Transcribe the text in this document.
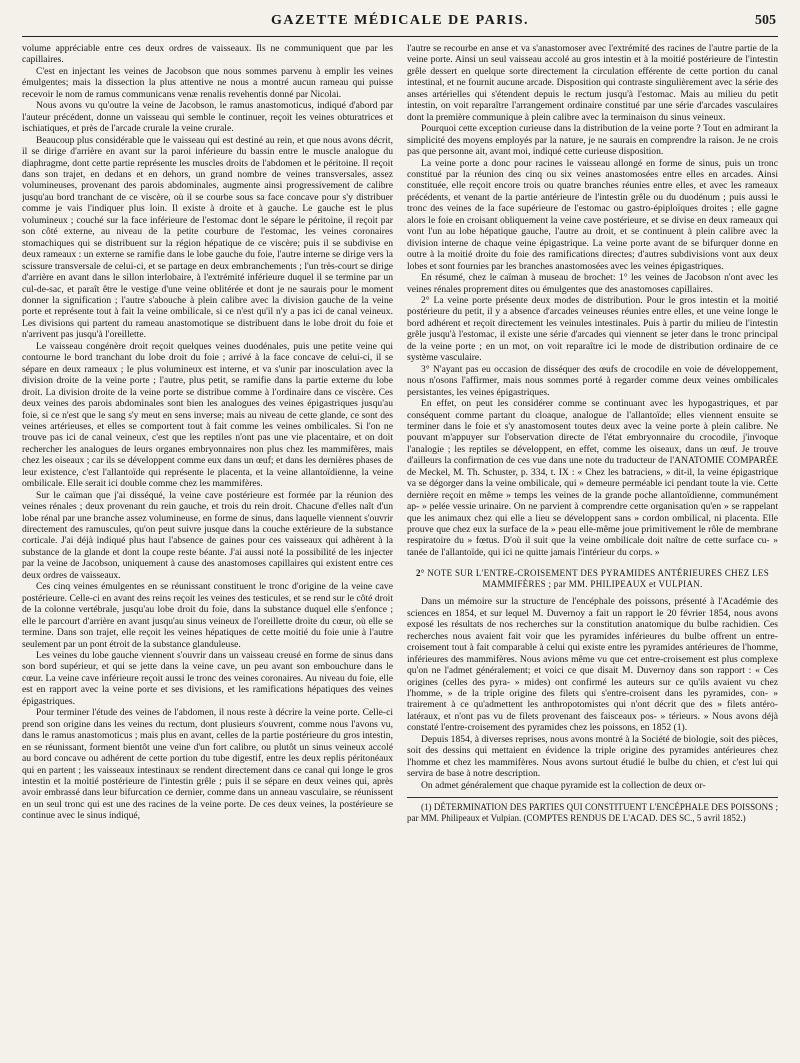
GAZETTE MÉDICALE DE PARIS.	505

volume appréciable entre ces deux ordres de vaisseaux. Ils ne communiquent que par les capillaires.

C'est en injectant les veines de Jacobson que nous sommes parvenu à emplir les veines émulgentes; mais la dissection la plus attentive ne nous a montré aucun rameau qui puisse recevoir le nom de ramus communicans venæ renalis revehentis donné par Nicolai.

Nous avons vu qu'outre la veine de Jacobson, le ramus anastomoticus, indiqué d'abord par l'auteur précédent, donne un vaisseau qui semble le continuer, reçoit les veines obturatrices et ischiatiques, et près de l'arcade crurale la veine crurale.

Beaucoup plus considérable que le vaisseau qui est destiné au rein, et que nous avons décrit, il se dirige d'arrière en avant sur la paroi inférieure du bassin entre le muscle analogue du diaphragme, dont cette partie représente les muscles droits de l'abdomen et le péritoine. Il reçoit dans son trajet, en dedans et en dehors, un grand nombre de veines transversales, assez volumineuses, provenant des parois abdominales, augmente ainsi progressivement de calibre jusqu'au bord tranchant de ce viscère, où il se courbe sous sa face concave pour s'y distribuer comme je vais l'indiquer plus loin. Il existe à droite et à gauche. Le gauche est le plus volumineux ; couché sur la face inférieure de l'estomac dont le sépare le péritoine, il reçoit par son côté externe, au niveau de la petite courbure de l'estomac, les veines coronaires stomachiques qui se distribuent sur la région hépatique de ce viscère; puis il se subdivise en deux rameaux : un externe se ramifie dans le lobe gauche du foie, l'autre interne se dirige vers la scissure transversale de celui-ci, et se partage en deux embranchements ; l'un très-court se dirige d'arrière en avant dans le sillon interlobaire, à l'extrémité inférieure duquel il se termine par un cul-de-sac, et paraît être le vestige d'une veine oblitérée et dont je ne saurais pour le moment donner la signification ; l'autre s'abouche à plein calibre avec la division gauche de la veine porte et représente tout à fait la veine ombilicale, si ce n'est qu'il n'y a pas ici de canal veineux. Les divisions qui partent du rameau anastomotique se distribuent dans le lobe droit du foie et n'arrivent pas jusqu'à l'oreillette.

Le vaisseau congénère droit reçoit quelques veines duodénales, puis une petite veine qui contourne le bord tranchant du lobe droit du foie ; arrivé à la face concave de celui-ci, il se sépare en deux rameaux ; le plus volumineux est interne, et va s'unir par inosculation avec la division droite de la veine porte ; l'autre, plus petit, se ramifie dans la partie externe du lobe droit. La division droite de la veine porte se distribue comme à l'ordinaire dans ce viscère. Ces deux veines des parois abdominales sont bien les analogues des veines épigastriques jusqu'au foie, si ce n'est que le sang s'y meut en sens inverse; mais au niveau de cette glande, ce sont des veines artérieuses, et elles se comportent tout à fait comme les veines ombilicales. Si l'on ne trouve pas ici de canal veineux, c'est que les reptiles n'ont pas une vie placentaire, et on doit rechercher les analogues de leurs organes embryonnaires non plus chez les mammifères, mais chez les oiseaux ; car ils se développent comme eux dans un œuf; et dans les dernières phases de leur existence, c'est l'allantoïde qui représente le placenta, et la veine allantoïdienne, la veine ombilicale. Elle serait ici double comme chez les mammifères.

Sur le caïman que j'ai disséqué, la veine cave postérieure est formée par la réunion des veines rénales ; deux provenant du rein gauche, et trois du rein droit. Chacune d'elles naît d'un lobe rénal par une branche assez volumineuse, en forme de sinus, dans laquelle viennent s'ouvrir directement des ramuscules, qu'on peut suivre jusque dans la couche extérieure de la substance corticale. J'ai déjà indiqué plus haut l'absence de gaines pour ces vaisseaux qui adhèrent à la substance de la glande et dont la coupe reste béante. J'ai aussi noté la possibilité de les injecter par la veine de Jacobson, uniquement à cause des anastomoses capillaires qui existent entre ces deux ordres de vaisseaux.

Ces cinq veines émulgentes en se réunissant constituent le tronc d'origine de la veine cave postérieure. Celle-ci en avant des reins reçoit les veines des testicules, et se rend sur le côté droit de la colonne vertébrale, jusqu'au lobe droit du foie, dans la substance duquel elle s'enfonce ; elle le parcourt d'arrière en avant jusqu'au sinus veineux de l'oreillette droite du cœur, où elle se termine. Dans son trajet, elle reçoit les veines hépatiques de cette moitié du foie unie à l'autre seulement par un pont étroit de la substance glanduleuse.

Les veines du lobe gauche viennent s'ouvrir dans un vaisseau creusé en forme de sinus dans son bord supérieur, et qui se jette dans la veine cave, un peu avant son embouchure dans le cœur. La veine cave inférieure reçoit aussi le tronc des veines coronaires. Au niveau du foie, elle est en rapport avec la veine porte et ses divisions, et les ramifications hépatiques des veines épigastriques.

Pour terminer l'étude des veines de l'abdomen, il nous reste à décrire la veine porte. Celle-ci prend son origine dans les veines du rectum, dont plusieurs s'ouvrent, comme nous l'avons vu, dans le ramus anastomoticus ; mais plus en avant, celles de la partie postérieure du gros intestin, en se réunissant, forment bientôt une veine d'un fort calibre, ou plutôt un sinus veineux accolé au bord concave ou adhérent de cette portion du tube digestif, entre les deux replis péritonéaux qui en partent ; les vaisseaux intestinaux se rendent directement dans ce canal qui longe le gros intestin et la moitié postérieure de l'intestin grêle ; puis il se sépare en deux veines qui, après avoir embrassé dans leur bifurcation ce dernier, comme dans un anneau vasculaire, se réunissent en un seul tronc qui est une des racines de la veine porte. De ces deux veines, la postérieure se continue avec le sinus indiqué,

l'autre se recourbe en anse et va s'anastomoser avec l'extrémité des racines de l'autre partie de la veine porte. Ainsi un seul vaisseau accolé au gros intestin et à la moitié postérieure de l'intestin grêle dessert en quelque sorte directement la circulation efférente de cette portion du canal intestinal, et ne fournit aucune arcade. Disposition qui contraste singulièrement avec la série des anses artérielles qui s'étendent depuis le rectum jusqu'à l'estomac. Mais au milieu du petit intestin, on voit reparaître l'arrangement ordinaire constitué par une série d'arcades vasculaires dont la première communique à plein calibre avec la terminaison du sinus veineux.

Pourquoi cette exception curieuse dans la distribution de la veine porte ? Tout en admirant la simplicité des moyens employés par la nature, je ne saurais en comprendre la raison. Je ne crois pas que personne ait, avant moi, indiqué cette curieuse disposition.

La veine porte a donc pour racines le vaisseau allongé en forme de sinus, puis un tronc constitué par la réunion des cinq ou six veines anastomosées entre elles en arcades. Ainsi constituée, elle reçoit encore trois ou quatre branches réunies entre elles, et avec les rameaux précédents, et venant de la partie antérieure de l'intestin grêle ou du duodénum ; puis aussi le tronc des veines de la face supérieure de l'estomac ou gastro-épiploïques droites ; elle gagne alors le foie en croisant obliquement la veine cave postérieure, et se divise en deux rameaux qui vont l'un au lobe hépatique gauche, l'autre au droit, et se continuent à plein calibre avec la division interne de chaque veine épigastrique. La veine porte avant de se bifurquer donne en outre à la moitié droite du foie des ramifications directes; d'autres subdivisions vont aux deux lobes et sont fournies par les branches anastomosées avec les veines épigastriques.

En résumé, chez le caïman à museau de brochet: 1° les veines de Jacobson n'ont avec les veines rénales proprement dites ou émulgentes que des anastomoses capillaires.

2° La veine porte présente deux modes de distribution. Pour le gros intestin et la moitié postérieure du petit, il y a absence d'arcades veineuses réunies entre elles, et une veine longe le bord adhérent et reçoit directement les veinules intestinales. Puis à partir du milieu de l'intestin grêle jusqu'à l'estomac, il existe une série d'arcades qui viennent se jeter dans le tronc principal de la veine porte ; en un mot, on voit reparaître ici le mode de distribution ordinaire de ce système vasculaire.

3° N'ayant pas eu occasion de disséquer des œufs de crocodile en voie de développement, nous n'osons l'affirmer, mais nous sommes porté à regarder comme deux veines ombilicales persistantes, les veines épigastriques.

En effet, on peut les considérer comme se continuant avec les hypogastriques, et par conséquent comme partant du cloaque, analogue de l'allantoïde; elles viennent ensuite se terminer dans le foie et s'y anastomosent toutes deux avec la veine porte à plein calibre. Ne pouvant m'appuyer sur l'observation directe de l'état embryonnaire du crocodile, j'invoque l'analogie ; les reptiles se développent, en effet, comme les oiseaux, dans un œuf. Je trouve d'ailleurs la confirmation de ces vue dans une note du traducteur de l'ANATOMIE COMPARÉE de Meckel, M. Th. Schuster, p. 334, t. IX : « Chez les batraciens, » dit-il, la veine épigastrique va se dégorger dans la veine ombilicale, qui » demeure perméable ici pendant toute la vie. Cette dernière reçoit en même » temps les veines de la grande poche allantoïdienne, communément ap- » pelée vessie urinaire. On ne parvient à comprendre cette organisation qu'en » se rappelant que les animaux chez qui elle a lieu se développent sans » cordon ombilical, ni placenta. Elle prouve que chez eux la surface de la » peau elle-même joue primitivement le rôle de membrane respiratoire du » fœtus. D'où il suit que la veine ombilicale doit naître de cette surface cu- » tanée de l'allantoïde, qui ici ne quitte jamais l'intérieur du corps. »

2° NOTE SUR L'ENTRE-CROISEMENT DES PYRAMIDES ANTÉRIEURES CHEZ LES MAMMIFÈRES ; par MM. PHILIPEAUX et VULPIAN.

Dans un mémoire sur la structure de l'encéphale des poissons, présenté à l'Académie des sciences en 1854, et sur lequel M. Duvernoy a fait un rapport le 20 février 1854, nous avons exposé les résultats de nos recherches sur la constitution anatomique du bulbe rachidien. Ces recherches nous avaient fait voir que les pyramides inférieures du bulbe offrent un entre-croisement tout à fait comparable à celui qui existe entre les pyramides antérieures de l'homme, inférieures des mammifères. Nous avions même vu que cet entre-croisement est plus complexe qu'on ne l'admet généralement; et voici ce que disait M. Duvernoy dans son rapport : « Ces origines (celles des pyra- » mides) ont confirmé les auteurs sur ce qu'ils avaient vu chez l'homme, » de la triple origine des filets qui s'entre-croisent dans les pyramides, con- » trairement à ce qu'admettent les anthropotomistes qui n'ont décrit que des » filets antéro-latéraux, et n'ont pas vu de filets provenant des faisceaux pos- » térieurs. » Nous avons déjà constaté l'entre-croisement des pyramides chez les poissons, en 1852 (1).

Depuis 1854, à diverses reprises, nous avons montré à la Société de biologie, soit des pièces, soit des dessins qui mettaient en évidence la triple origine des pyramides antérieures chez l'homme et chez les mammifères. Nous avons surtout étudié le bulbe du chien, et c'est lui qui servira de base à notre description.

On admet généralement que chaque pyramide est la collection de deux or-

(1) DÉTERMINATION DES PARTIES QUI CONSTITUENT L'ENCÉPHALE DES POISSONS ; par MM. Philipeaux et Vulpian. (COMPTES RENDUS DE L'ACAD. DES SC., 5 avril 1852.)
